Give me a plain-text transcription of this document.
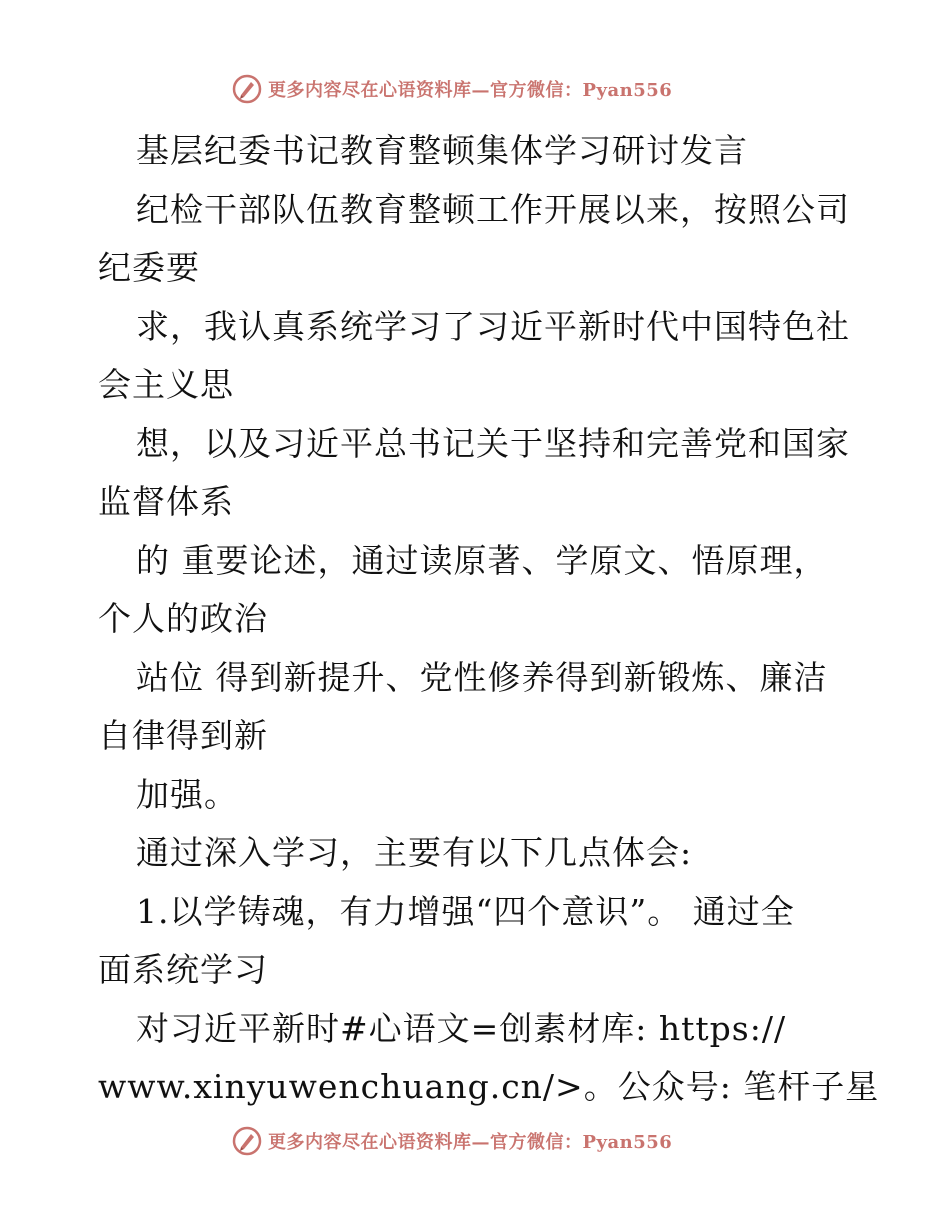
更多内容尽在心语资料库—官方微信：Pyan556
基层纪委书记教育整顿集体学习研讨发言
纪检干部队伍教育整顿工作开展以来，按照公司
纪委要
求，我认真系统学习了习近平新时代中国特色社
会主义思
想，以及习近平总书记关于坚持和完善党和国家
监督体系
的 重要论述，通过读原著、学原文、悟原理，
个人的政治
站位 得到新提升、党性修养得到新锻炼、廉洁
自律得到新
加强。
通过深入学习，主要有以下几点体会:
1.以学铸魂，有力增强“四个意识”。 通过全
面系统学习
对习近平新时#心语文=创素材库: https://
www.xinyuwenchuang.cn/>。公众号: 笔杆子星
更多内容尽在心语资料库—官方微信：Pyan556
